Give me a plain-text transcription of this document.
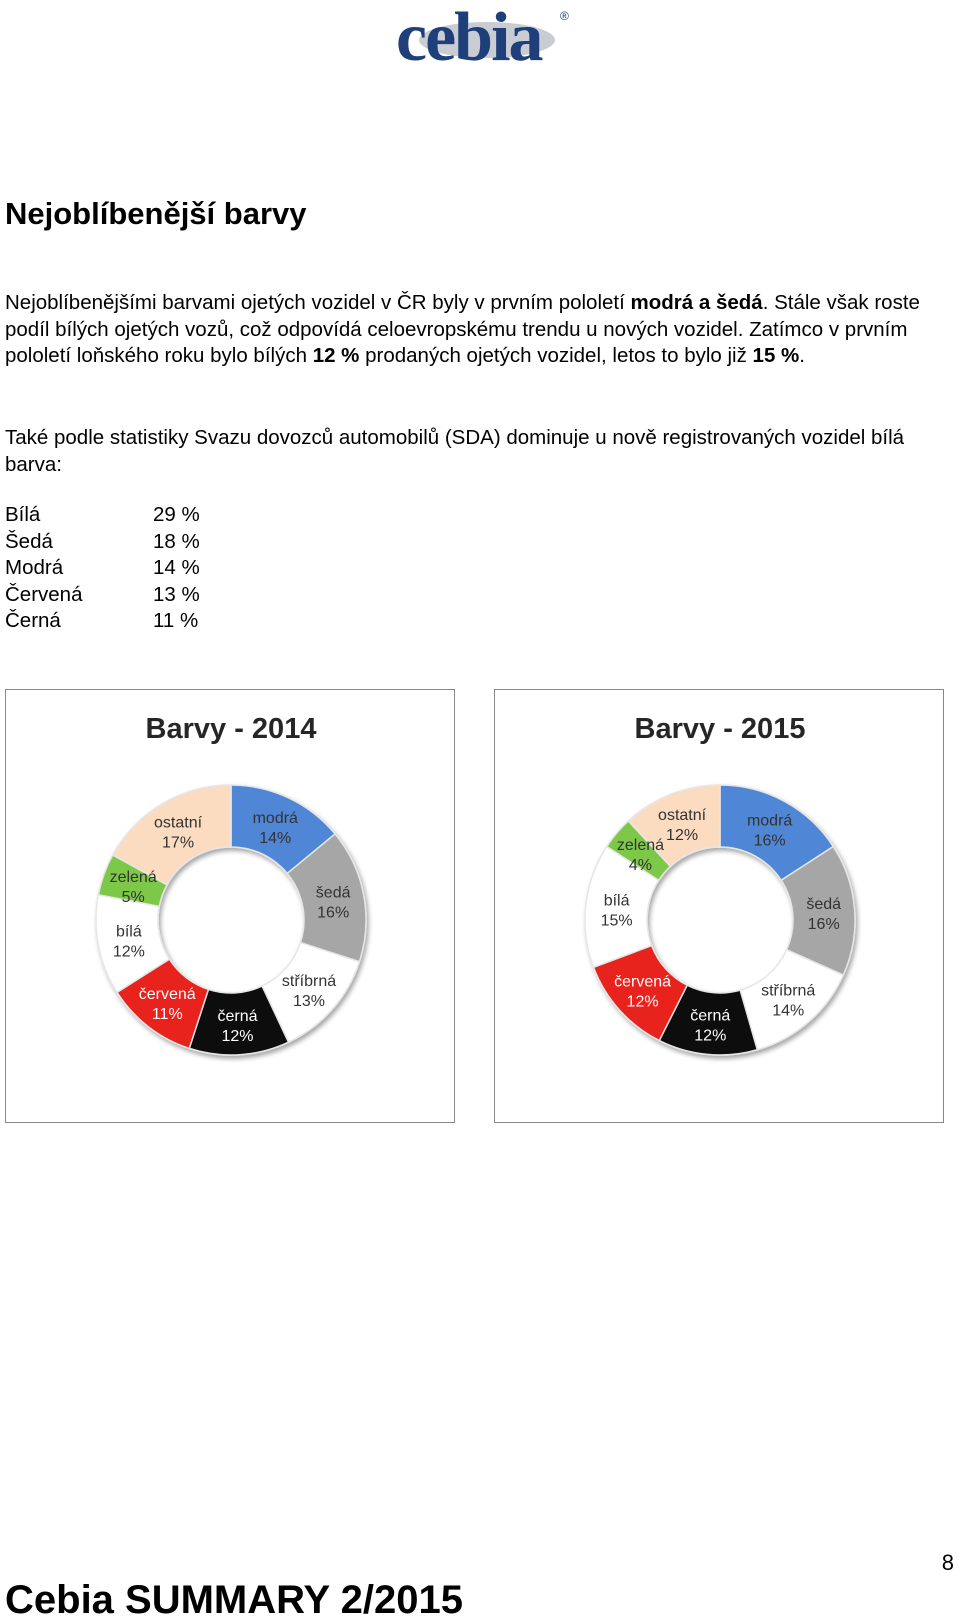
cebia ®
Nejoblíbenější barvy

Nejoblíbenějšími barvami ojetých vozidel v ČR byly v prvním pololetí modrá a šedá. Stále však roste podíl bílých ojetých vozů, což odpovídá celoevropskému trendu u nových vozidel. Zatímco v prvním pololetí loňského roku bylo bílých 12 % prodaných ojetých vozidel, letos to bylo již 15 %.

Také podle statistiky Svazu dovozců automobilů (SDA) dominuje u nově registrovaných vozidel bílá barva:

Bílá	29 %
Šedá	18 %
Modrá	14 %
Červená	13 %
Černá	11 %
Barvy - 2014
modrá
14%
šedá
16%
stříbrná
13%
černá
12%
červená
11%
bílá
12%
zelená
5%
ostatní
17%
Barvy - 2015
modrá
16%
šedá
16%
stříbrná
14%
černá
12%
červená
12%
bílá
15%
zelená
4%
ostatní
12%
8
Cebia SUMMARY 2/2015
